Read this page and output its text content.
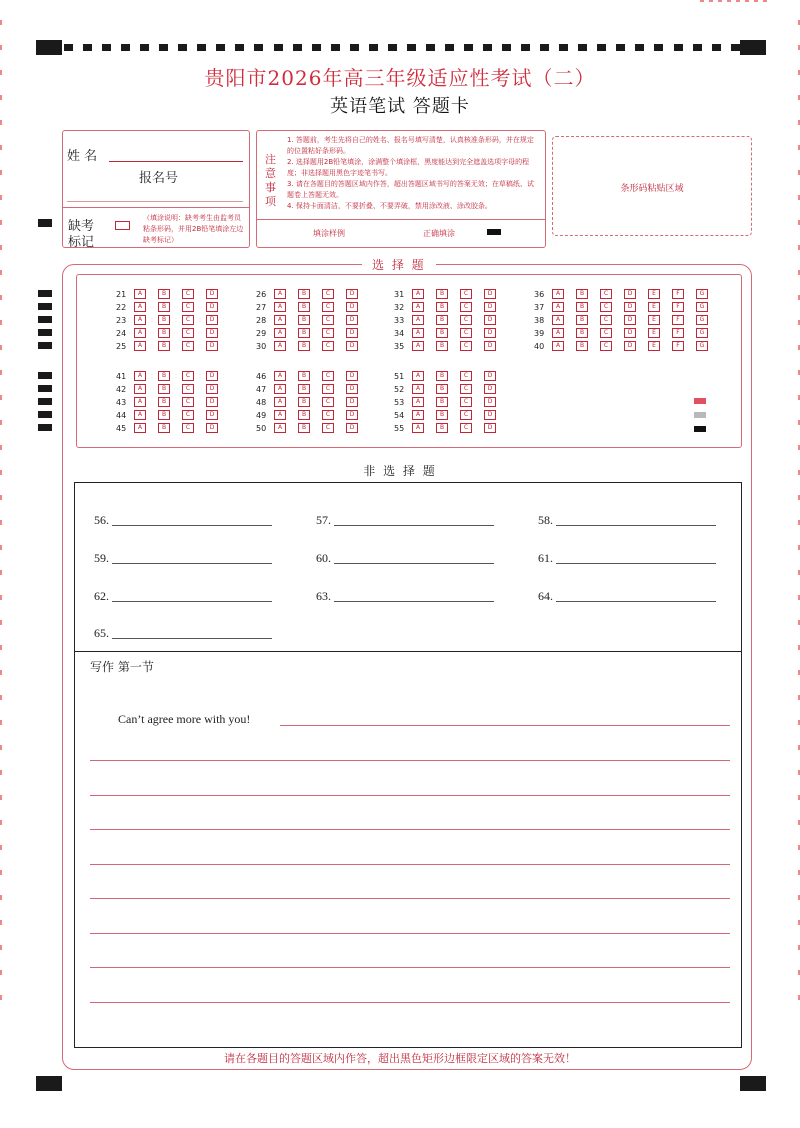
贵阳市2026年高三年级适应性考试（二）
英语笔试 答题卡
姓 名
报名号
缺考
标记
（填涂说明：缺考考生由监考员粘条形码，并用2B铅笔填涂左边缺考标记）
注意事项
1. 答题前，考生先将自己的姓名、报名号填写清楚，认真核准条形码，并在规定的位置粘好条形码。
2. 选择题用2B铅笔填涂，涂满整个填涂框，黑度能达到完全遮盖选项字母的程度；非选择题用黑色字迹笔书写。
3. 请在各题目的答题区域内作答，超出答题区域书写的答案无效；在草稿纸、试题卷上答题无效。
4. 保持卡面清洁，不要折叠、不要弄破，禁用涂改液、涂改胶条。
填涂样例	正确填涂
条形码粘贴区域
选 择 题
21	A	B	C	D
22	A	B	C	D
23	A	B	C	D
24	A	B	C	D
25	A	B	C	D
26	A	B	C	D
27	A	B	C	D
28	A	B	C	D
29	A	B	C	D
30	A	B	C	D
31	A	B	C	D
32	A	B	C	D
33	A	B	C	D
34	A	B	C	D
35	A	B	C	D
36	A	B	C	D	E	F	G
37	A	B	C	D	E	F	G
38	A	B	C	D	E	F	G
39	A	B	C	D	E	F	G
40	A	B	C	D	E	F	G
41	A	B	C	D
42	A	B	C	D
43	A	B	C	D
44	A	B	C	D
45	A	B	C	D
46	A	B	C	D
47	A	B	C	D
48	A	B	C	D
49	A	B	C	D
50	A	B	C	D
51	A	B	C	D
52	A	B	C	D
53	A	B	C	D
54	A	B	C	D
55	A	B	C	D
非 选 择 题
56.	57.	58.
59.	60.	61.
62.	63.	64.
65.
写作 第一节
Can’t agree more with you!
请在各题目的答题区域内作答，超出黑色矩形边框限定区域的答案无效！
